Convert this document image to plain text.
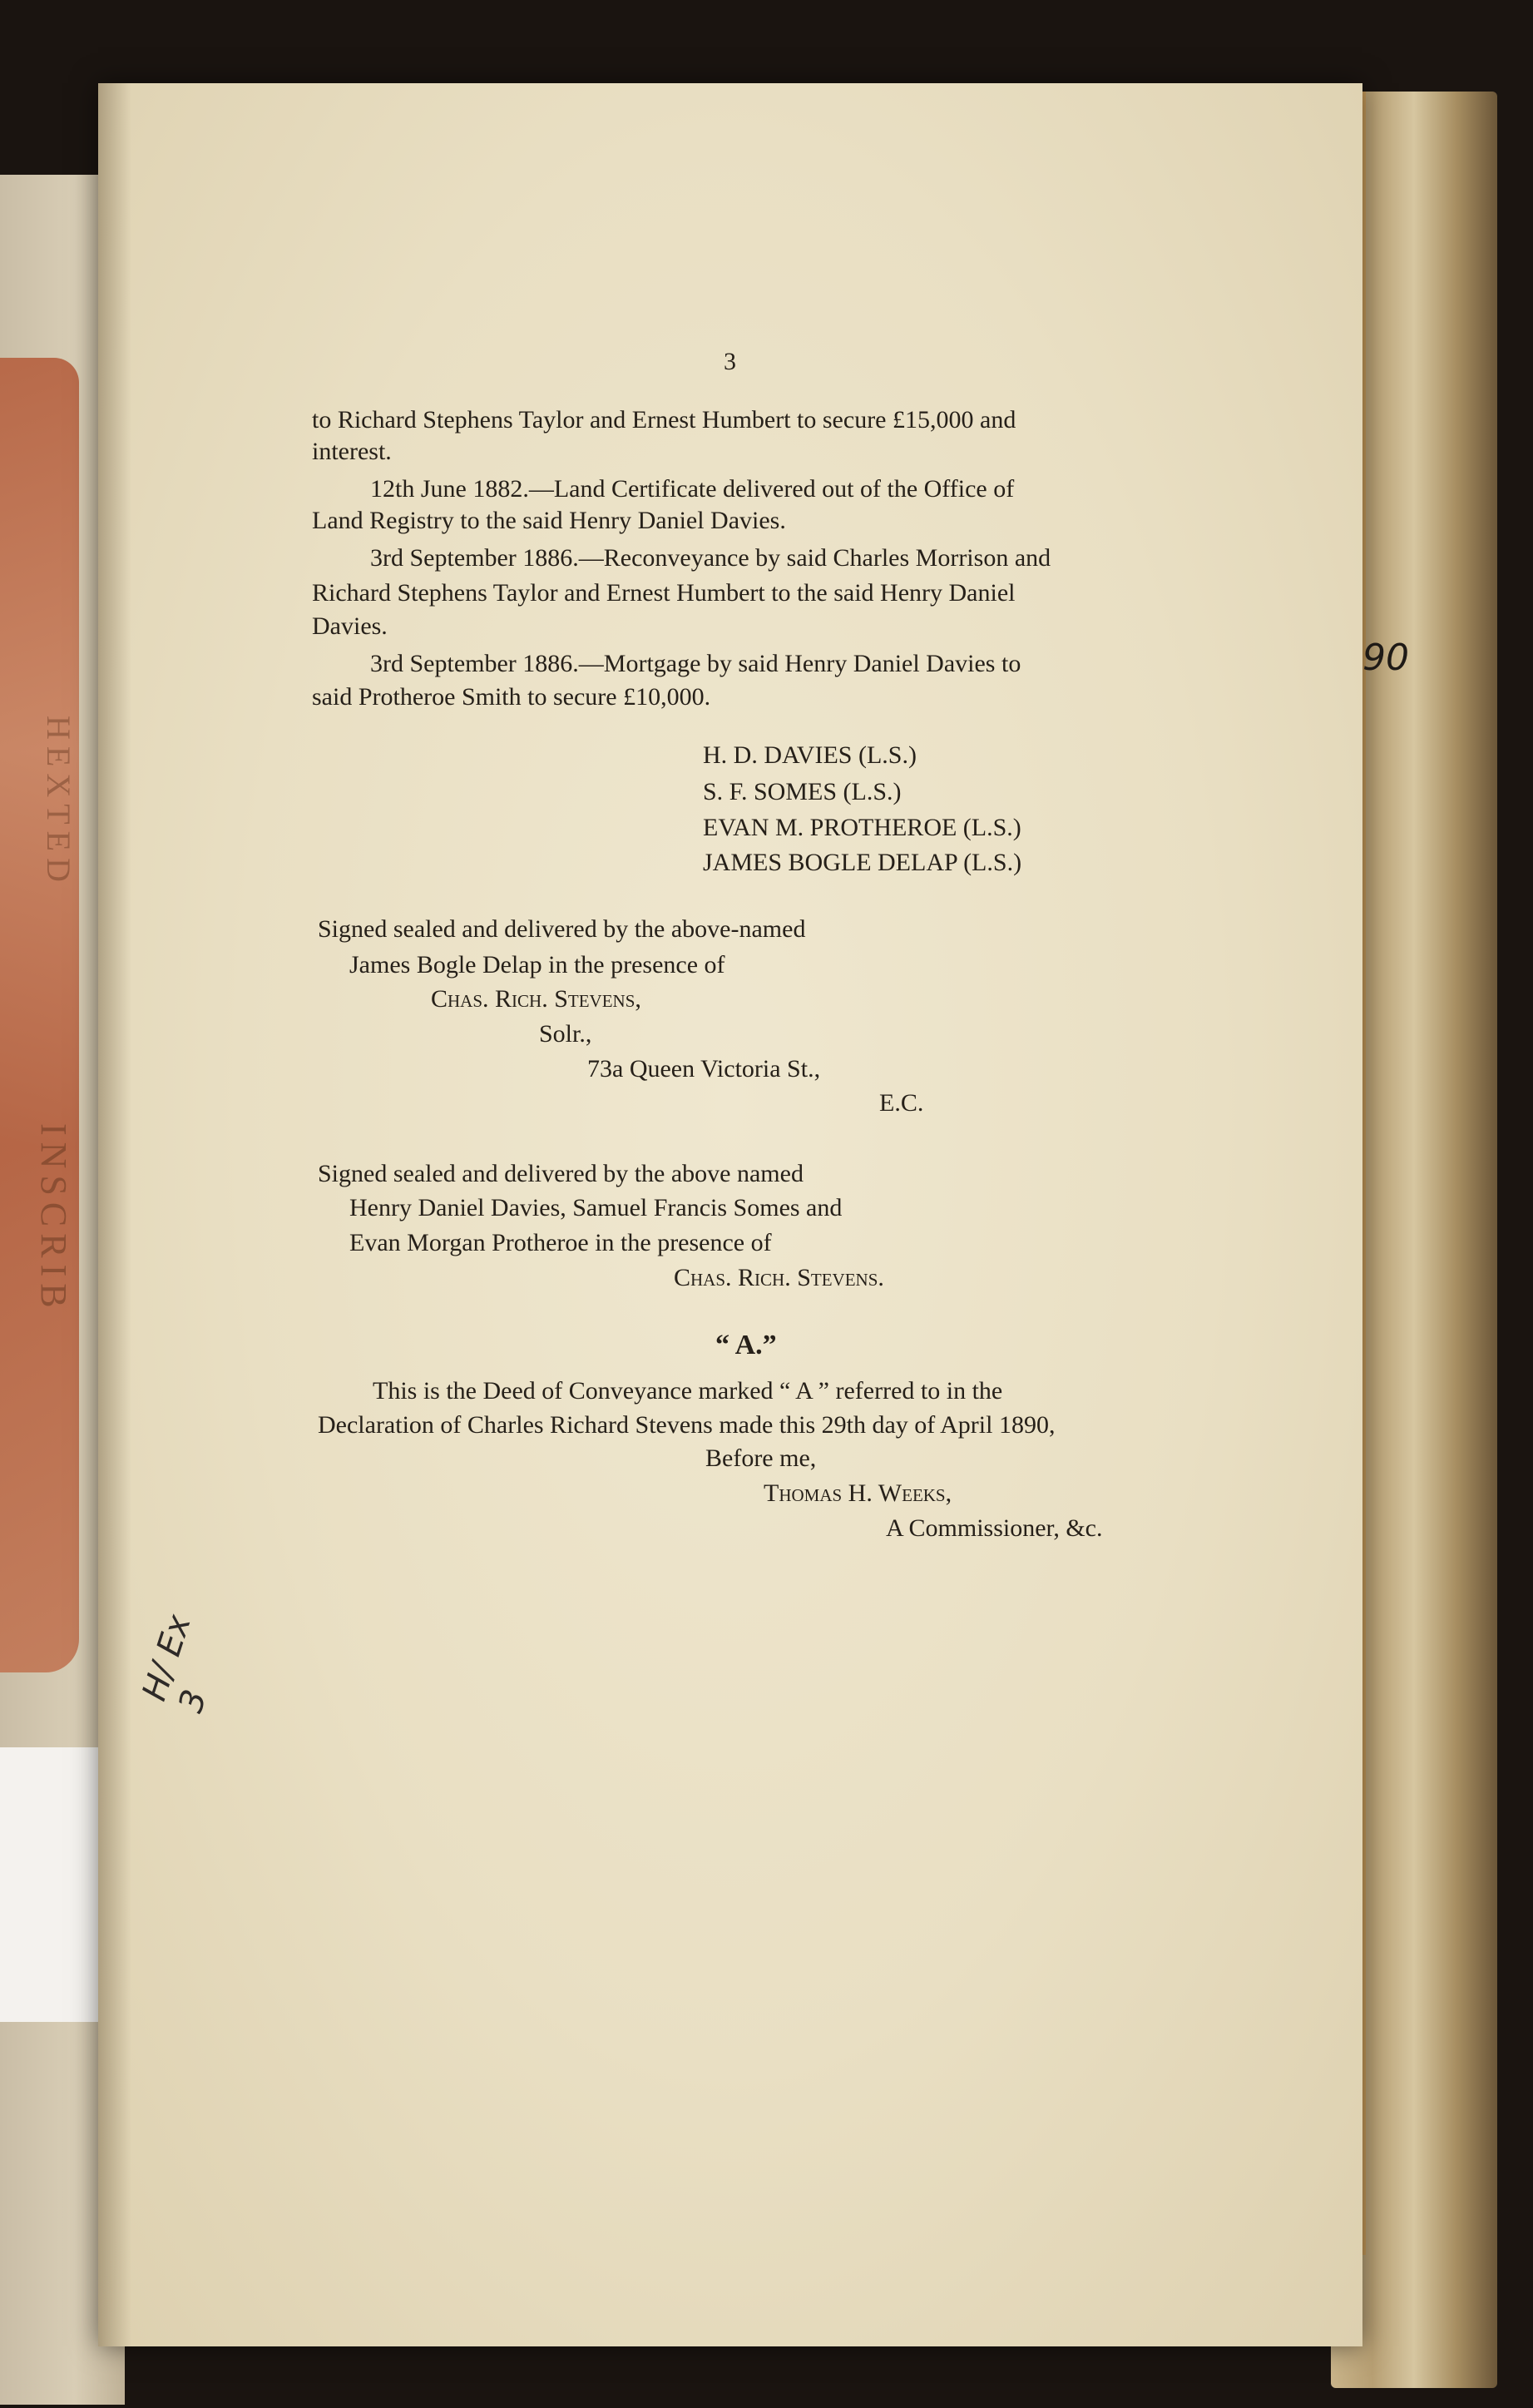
INSCRIB
HEXTED
3
to Richard Stephens Taylor and Ernest Humbert to secure £15,000 and
interest.
12th June 1882.—Land Certificate delivered out of the Office of
Land Registry to the said Henry Daniel Davies.
3rd September 1886.—Reconveyance by said Charles Morrison and
Richard Stephens Taylor and Ernest Humbert to the said Henry Daniel
Davies.
3rd September 1886.—Mortgage by said Henry Daniel Davies to
said Protheroe Smith to secure £10,000.
H. D. DAVIES (L.S.)
S. F. SOMES (L.S.)
EVAN M. PROTHEROE (L.S.)
JAMES BOGLE DELAP (L.S.)
Signed sealed and delivered by the above-named
James Bogle Delap in the presence of
Chas. Rich. Stevens,
Solr.,
73a Queen Victoria St.,
E.C.
Signed sealed and delivered by the above named
Henry Daniel Davies, Samuel Francis Somes and
Evan Morgan Protheroe in the presence of
Chas. Rich. Stevens.
“ A.”
This is the Deed of Conveyance marked “ A ” referred to in the
Declaration of Charles Richard Stevens made this 29th day of April 1890,
Before me,
Thomas H. Weeks,
A Commissioner, &c.
H/ Ex 3
90
